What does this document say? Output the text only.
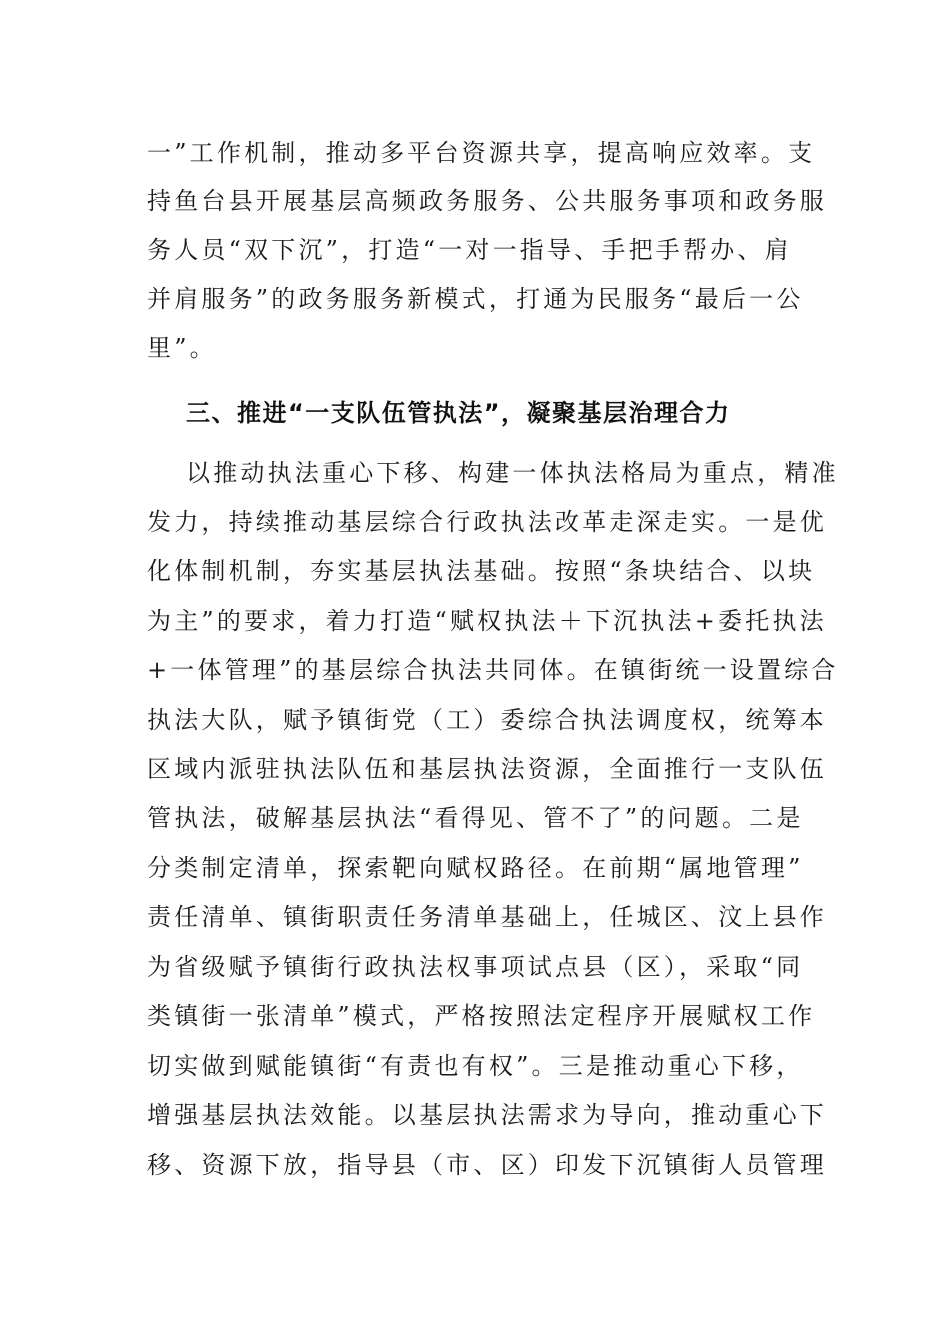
一”工作机制，推动多平台资源共享，提高响应效率。支
持鱼台县开展基层高频政务服务、公共服务事项和政务服
务人员“双下沉”，打造“一对一指导、手把手帮办、肩
并肩服务”的政务服务新模式，打通为民服务“最后一公
里”。
三、推进“一支队伍管执法”，凝聚基层治理合力
以推动执法重心下移、构建一体执法格局为重点，精准
发力，持续推动基层综合行政执法改革走深走实。一是优
化体制机制，夯实基层执法基础。按照“条块结合、以块
为主”的要求，着力打造“赋权执法＋下沉执法+委托执法
+一体管理”的基层综合执法共同体。在镇街统一设置综合
执法大队，赋予镇街党（工）委综合执法调度权，统筹本
区域内派驻执法队伍和基层执法资源，全面推行一支队伍
管执法，破解基层执法“看得见、管不了”的问题。二是
分类制定清单，探索靶向赋权路径。在前期“属地管理”
责任清单、镇街职责任务清单基础上，任城区、汶上县作
为省级赋予镇街行政执法权事项试点县（区），采取“同
类镇街一张清单”模式，严格按照法定程序开展赋权工作
切实做到赋能镇街“有责也有权”。三是推动重心下移，
增强基层执法效能。以基层执法需求为导向，推动重心下
移、资源下放，指导县（市、区）印发下沉镇街人员管理
